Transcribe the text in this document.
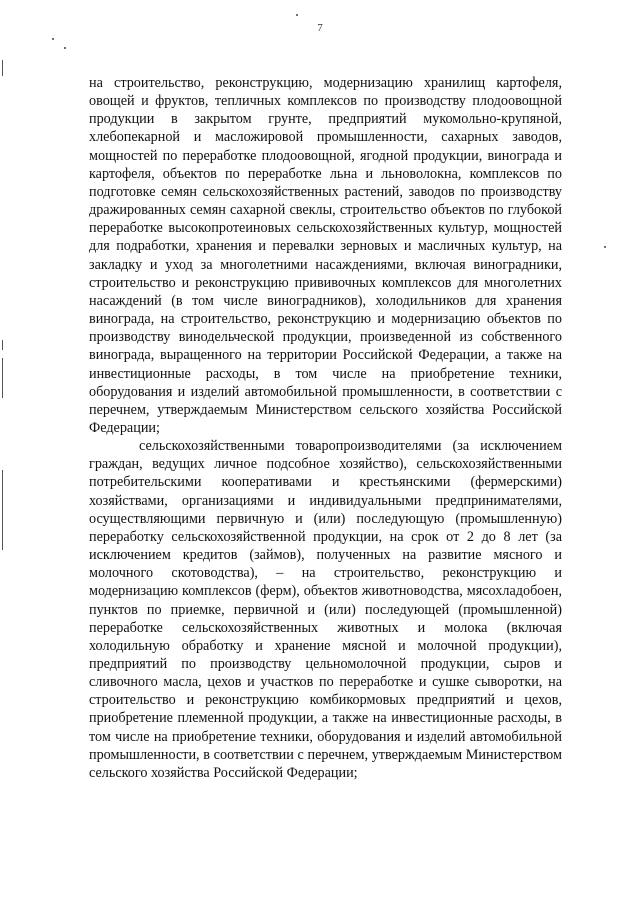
7

на строительство, реконструкцию, модернизацию хранилищ картофеля, овощей и фруктов, тепличных комплексов по производству плодоовощной продукции в закрытом грунте, предприятий мукомольно-крупяной, хлебопекарной и масложировой промышленности, сахарных заводов, мощностей по переработке плодоовощной, ягодной продукции, винограда и картофеля, объектов по переработке льна и льноволокна, комплексов по подготовке семян сельскохозяйственных растений, заводов по производству дражированных семян сахарной свеклы, строительство объектов по глубокой переработке высокопротеиновых сельскохозяйственных культур, мощностей для подработки, хранения и перевалки зерновых и масличных культур, на закладку и уход за многолетними насаждениями, включая виноградники, строительство и реконструкцию прививочных комплексов для многолетних насаждений (в том числе виноградников), холодильников для хранения винограда, на строительство, реконструкцию и модернизацию объектов по производству винодельческой продукции, произведенной из собственного винограда, выращенного на территории Российской Федерации, а также на инвестиционные расходы, в том числе на приобретение техники, оборудования и изделий автомобильной промышленности, в соответствии с перечнем, утверждаемым Министерством сельского хозяйства Российской Федерации;

сельскохозяйственными товаропроизводителями (за исключением граждан, ведущих личное подсобное хозяйство), сельскохозяйственными потребительскими кооперативами и крестьянскими (фермерскими) хозяйствами, организациями и индивидуальными предпринимателями, осуществляющими первичную и (или) последующую (промышленную) переработку сельскохозяйственной продукции, на срок от 2 до 8 лет (за исключением кредитов (займов), полученных на развитие мясного и молочного скотоводства), – на строительство, реконструкцию и модернизацию комплексов (ферм), объектов животноводства, мясохладобоен, пунктов по приемке, первичной и (или) последующей (промышленной) переработке сельскохозяйственных животных и молока (включая холодильную обработку и хранение мясной и молочной продукции), предприятий по производству цельномолочной продукции, сыров и сливочного масла, цехов и участков по переработке и сушке сыворотки, на строительство и реконструкцию комбикормовых предприятий и цехов, приобретение племенной продукции, а также на инвестиционные расходы, в том числе на приобретение техники, оборудования и изделий автомобильной промышленности, в соответствии с перечнем, утверждаемым Министерством сельского хозяйства Российской Федерации;
